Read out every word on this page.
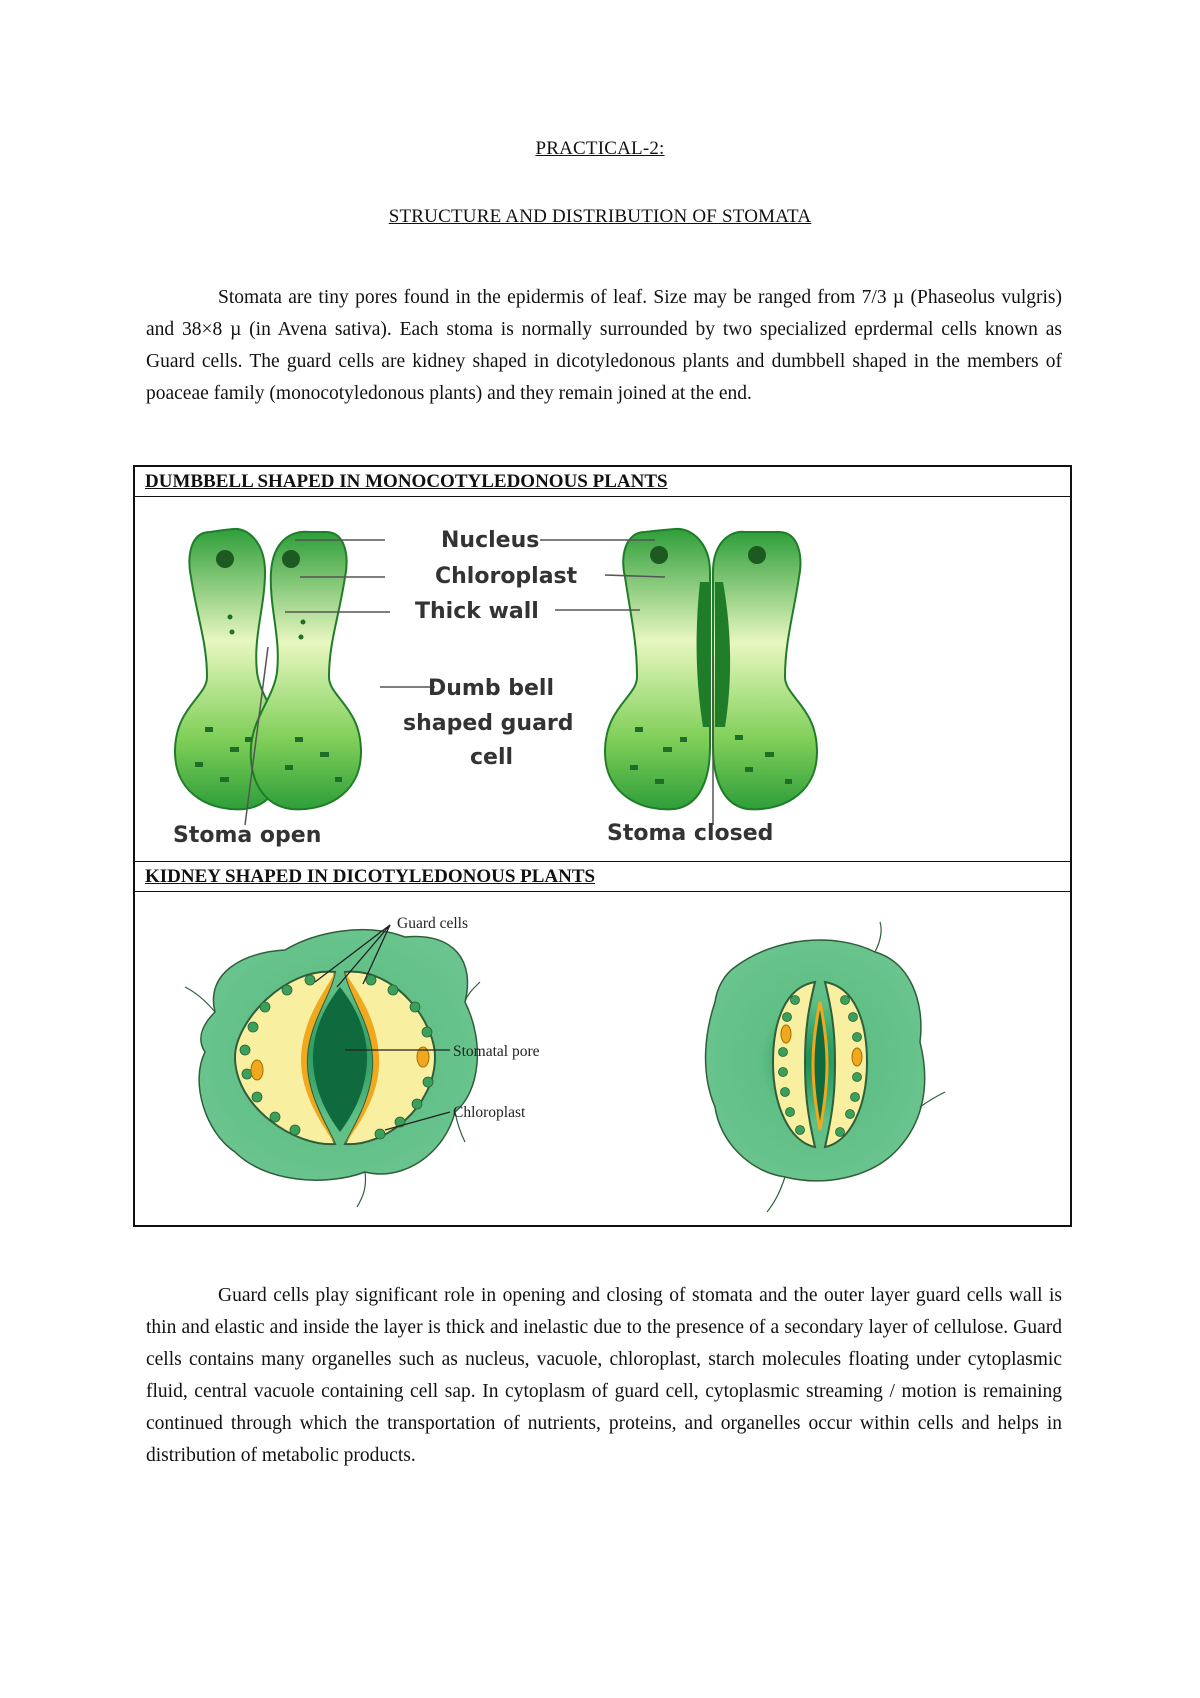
PRACTICAL-2:
STRUCTURE AND DISTRIBUTION OF STOMATA

Stomata are tiny pores found in the epidermis of leaf. Size may be ranged from 7/3 µ (Phaseolus vulgris) and 38×8 µ (in Avena sativa). Each stoma is normally surrounded by two specialized eprdermal cells known as Guard cells. The guard cells are kidney shaped in dicotyledonous plants and dumbbell shaped in the members of poaceae family (monocotyledonous plants) and they remain joined at the end.

DUMBBELL SHAPED IN MONOCOTYLEDONOUS PLANTS
Nucleus
Chloroplast
Thick wall
Dumb bell
shaped guard
cell
Stoma open	Stoma closed
KIDNEY SHAPED IN DICOTYLEDONOUS PLANTS
Guard cells
Stomatal pore
Chloroplast

Guard cells play significant role in opening and closing of stomata and the outer layer guard cells wall is thin and elastic and inside the layer is thick and inelastic due to the presence of a secondary layer of cellulose. Guard cells contains many organelles such as nucleus, vacuole, chloroplast, starch molecules floating under cytoplasmic fluid, central vacuole containing cell sap. In cytoplasm of guard cell, cytoplasmic streaming / motion is remaining continued through which the transportation of nutrients, proteins, and organelles occur within cells and helps in distribution of metabolic products.
